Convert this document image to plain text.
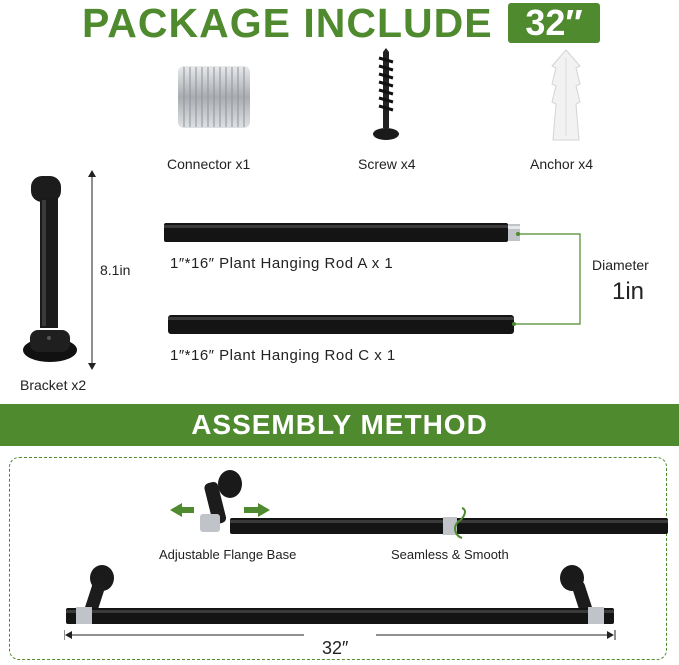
PACKAGE INCLUDE 32″
Connector x1	Screw x4	Anchor x4
Bracket x2
8.1in	1″*16″ Plant Hanging Rod A x 1
1″*16″ Plant Hanging Rod C x 1
Diameter
1in
ASSEMBLY METHOD
Adjustable Flange Base	Seamless & Smooth
32″
